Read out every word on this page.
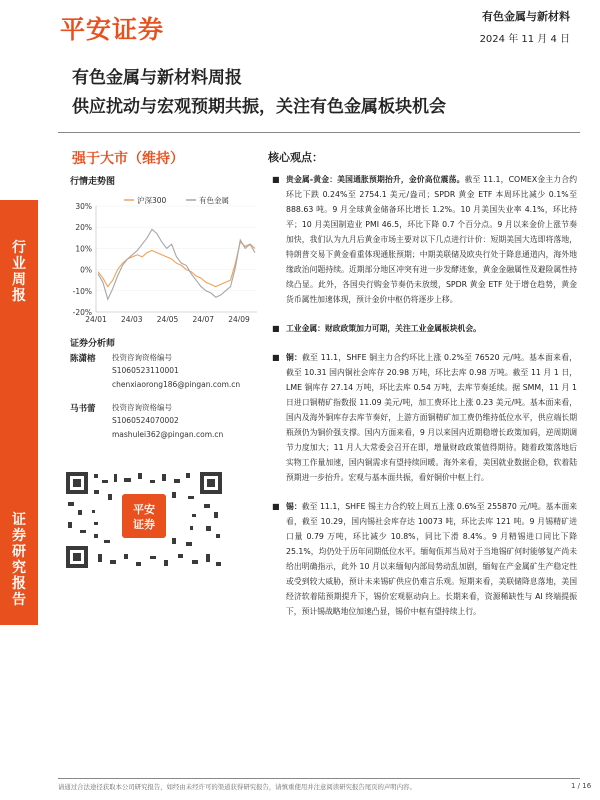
平安证券	有色金属与新材料
2024 年 11 月 4 日
行业周报
证券研究报告
有色金属与新材料周报
供应扰动与宏观预期共振，关注有色金属板块机会
强于大市（维持）
行情走势图
30%
20%
10%
0%
-10%
-20%
24/01 24/03 24/05 24/07 24/09
沪深300	有色金属
证券分析师
陈潇榕	投资咨询资格编号
S1060523110001
chenxiaorong186@pingan.com.cn
马书蕾	投资咨询资格编号
S1060524070002
mashulei362@pingan.com.cn
平安
证券
核心观点：
■ 贵金属-黄金：美国通胀预期抬升，金价高位震荡。截至 11.1，COMEX金主力合约环比下跌 0.24%至 2754.1 美元/盎司；SPDR 黄金 ETF 本周环比减少 0.1%至 888.63 吨。9 月全球黄金储备环比增长 1.2%。10 月美国失业率 4.1%，环比持平；10 月美国制造业 PMI 46.5，环比下降 0.7 个百分点。9 月以来金价上涨节奏加快，我们认为九月后黄金市场主要对以下几点进行计价：短期美国大选即将落地，特朗普交易下黄金看重体现通胀预期；中期美联储及欧央行处于降息通道内，海外地缘政治问题持续。近期部分地区冲突有进一步发酵迹象，黄金金融属性及避险属性持续凸显。此外，各国央行购金节奏仍未放缓，SPDR 黄金 ETF 处于增仓趋势，黄金货币属性加速体现，预计金价中枢仍将逐步上移。
■ 工业金属：财政政策加力可期，关注工业金属板块机会。
■ 铜：截至 11.1，SHFE 铜主力合约环比上涨 0.2%至 76520 元/吨。基本面来看，截至 10.31 国内铜社会库存 20.98 万吨，环比去库 0.98 万吨。截至 11 月 1 日，LME 铜库存 27.14 万吨，环比去库 0.54 万吨，去库节奏延续。据 SMM，11 月 1 日进口铜精矿指数报 11.09 美元/吨，加工费环比上涨 0.23 美元/吨。基本面来看，国内及海外铜库存去库节奏好，上游方面铜精矿加工费仍维持低位水平，供应端长期瓶颈仍为铜价强支撑。国内方面来看，9 月以来国内近期稳增长政策加码，逆周期调节力度加大；11 月人大常委会召开在即，增量财政政策值得期待。随着政策落地后实物工作量加速，国内铜需求有望持续回暖。海外来看，美国就业数据企稳，软着陆预期进一步抬升。宏观与基本面共振，看好铜价中枢上行。
■ 锡：截至 11.1，SHFE 锡主力合约较上周五上涨 0.6%至 255870 元/吨。基本面来看，截至 10.29，国内锡社会库存达 10073 吨，环比去库 121 吨。9 月锡精矿进口量 0.79 万吨，环比减少 10.8%，同比下滑 8.4%。9 月精锡进口同比下降 25.1%，均仍处于历年同期低位水平。缅甸佤邦当局对于当地锡矿何时能够复产尚未给出明确指示，此外 10 月以来缅甸内部局势动乱加剧，缅甸在产金属矿生产稳定性或受到较大威胁，预计未来锡矿供应仍难言乐观。短期来看，美联储降息落地，美国经济软着陆预期提升下，锡价宏观驱动向上。长期来看，资源稀缺性与 AI 终端提振下，预计锡战略地位加速凸显，锡价中枢有望持续上行。
请通过合法途径获取本公司研究报告，如经由未经许可的渠道获得研究报告，请慎重使用并注意阅读研究报告尾页的声明内容。	1 / 16
